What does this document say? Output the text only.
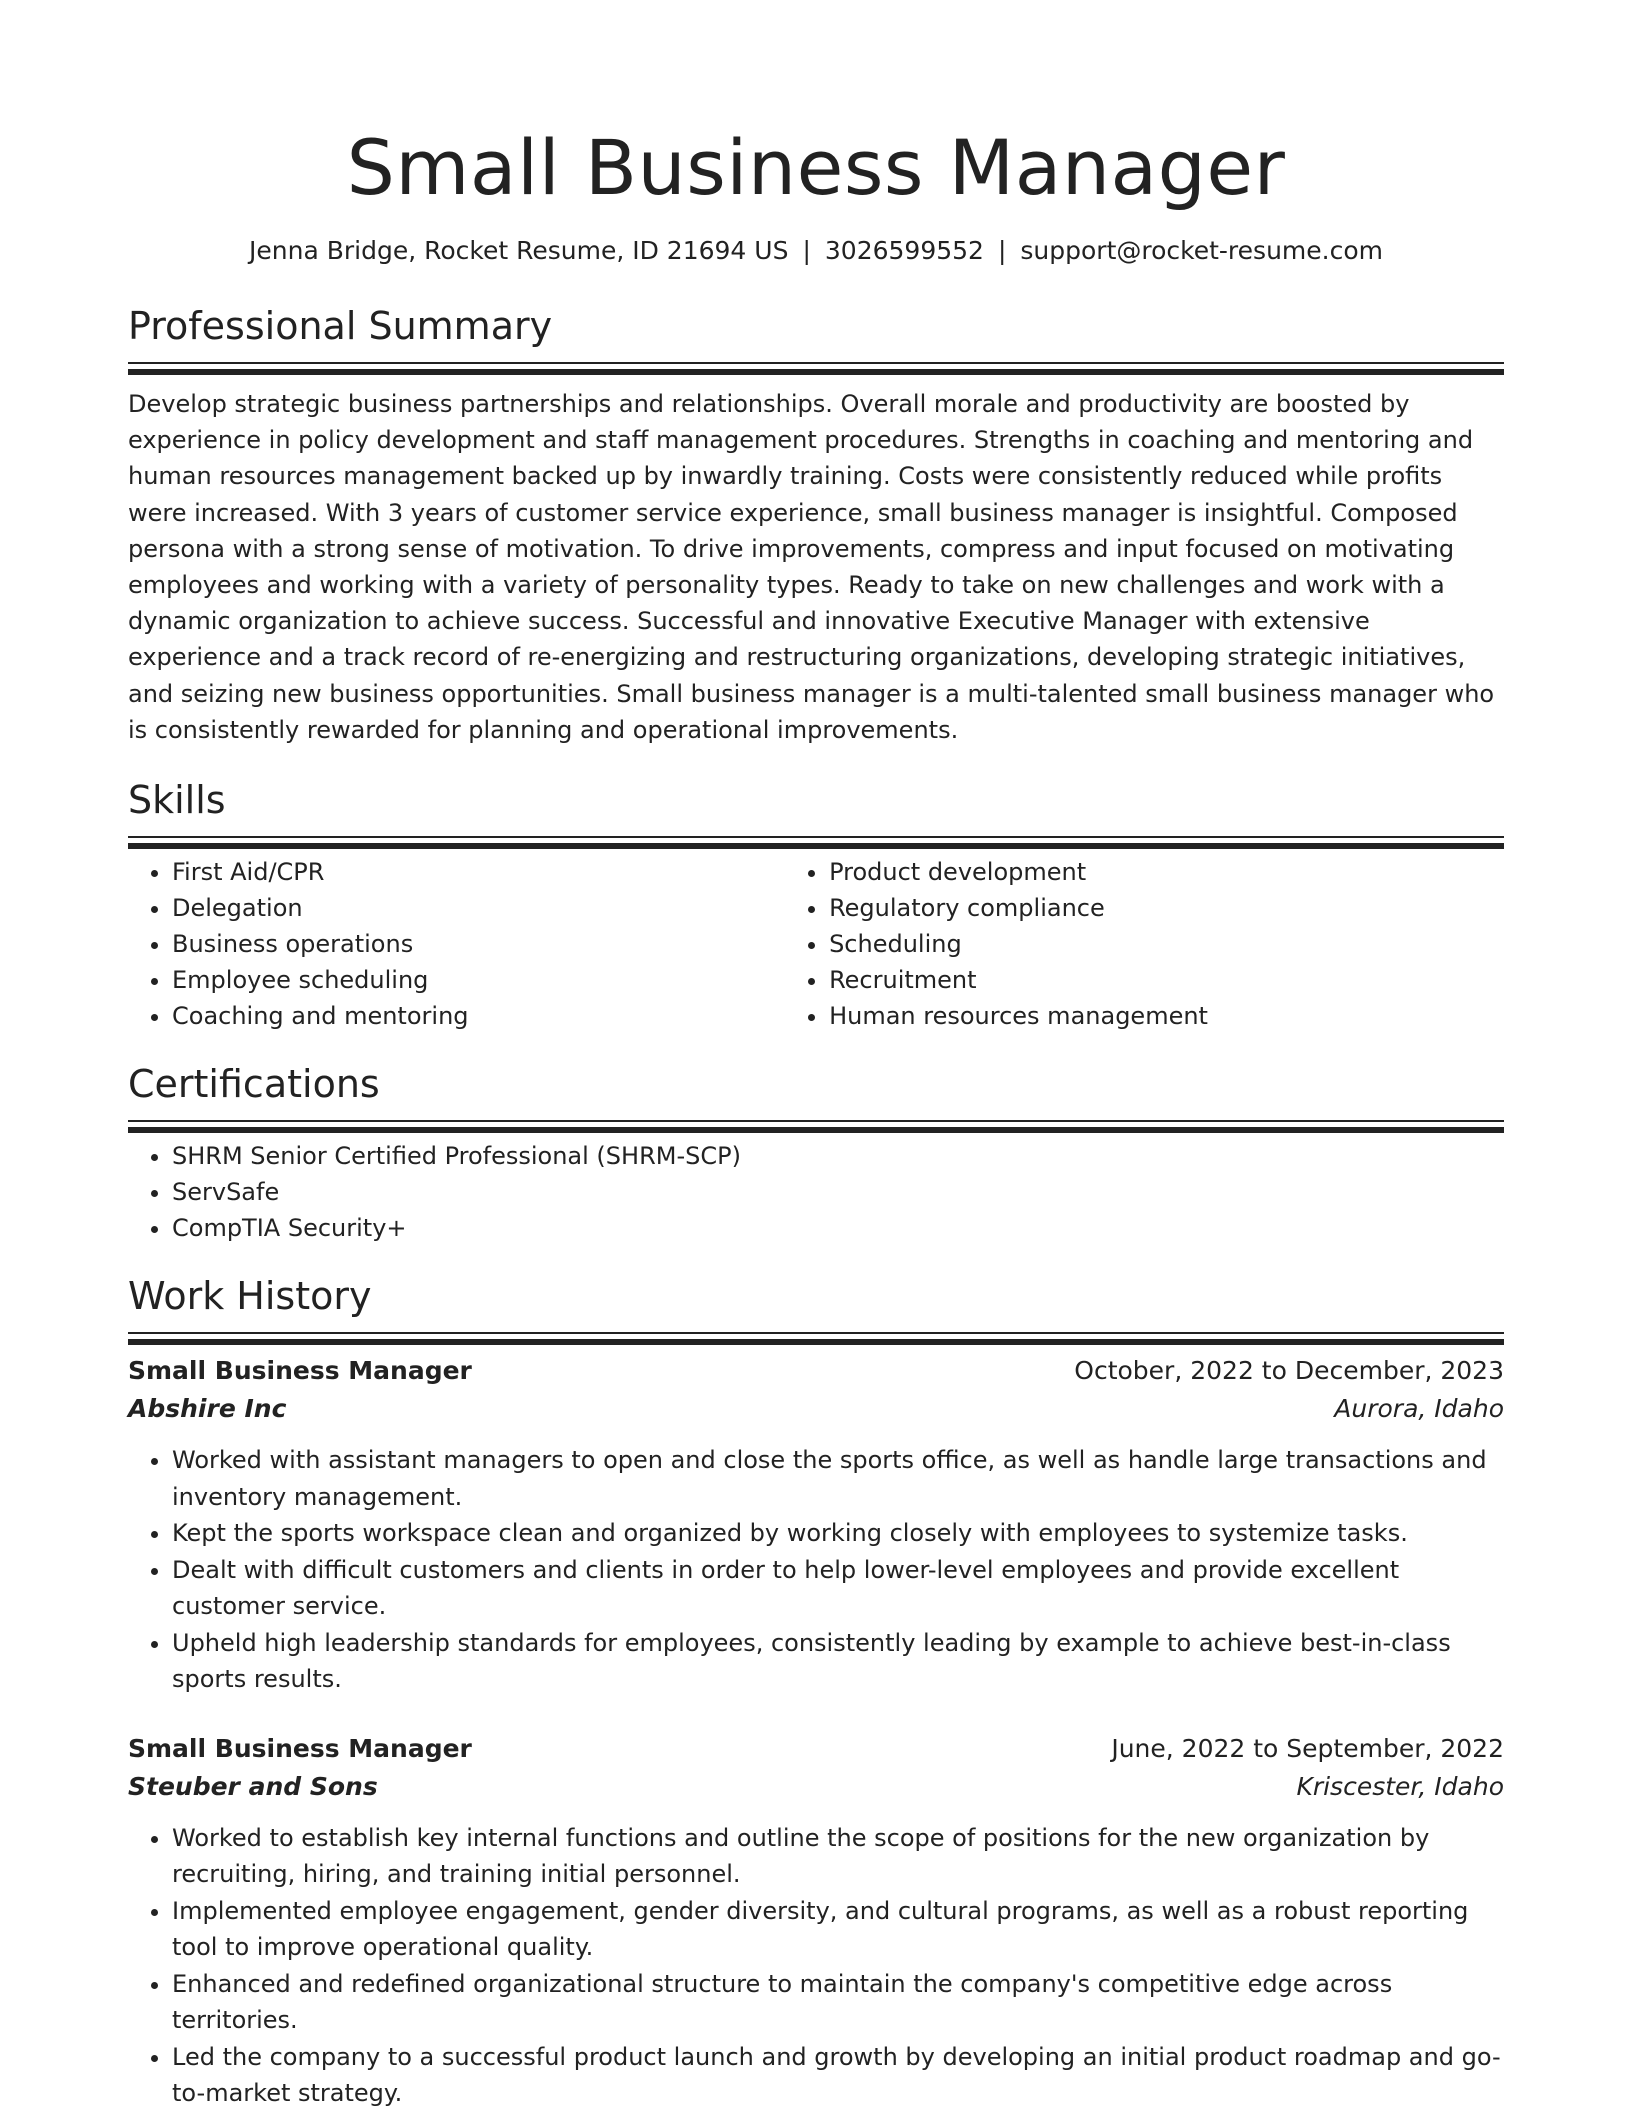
Small Business Manager
Jenna Bridge, Rocket Resume, ID 21694 US | 3026599552 | support@rocket-resume.com
Professional Summary

Develop strategic business partnerships and relationships. Overall morale and productivity are boosted by experience in policy development and staff management procedures. Strengths in coaching and mentoring and human resources management backed up by inwardly training. Costs were consistently reduced while profits were increased. With 3 years of customer service experience, small business manager is insightful. Composed persona with a strong sense of motivation. To drive improvements, compress and input focused on motivating employees and working with a variety of personality types. Ready to take on new challenges and work with a dynamic organization to achieve success. Successful and innovative Executive Manager with extensive experience and a track record of re-energizing and restructuring organizations, developing strategic initiatives, and seizing new business opportunities. Small business manager is a multi-talented small business manager who is consistently rewarded for planning and operational improvements.

Skills
• First Aid/CPR
• Delegation
• Business operations
• Employee scheduling
• Coaching and mentoring
• Product development
• Regulatory compliance
• Scheduling
• Recruitment
• Human resources management
Certifications
• SHRM Senior Certified Professional (SHRM-SCP)
• ServSafe
• CompTIA Security+
Work History
Small Business Manager	October, 2022 to December, 2023
Abshire Inc	Aurora, Idaho
• Worked with assistant managers to open and close the sports office, as well as handle large transactions and inventory management.
• Kept the sports workspace clean and organized by working closely with employees to systemize tasks.
• Dealt with difficult customers and clients in order to help lower-level employees and provide excellent customer service.
• Upheld high leadership standards for employees, consistently leading by example to achieve best-in-class sports results.
Small Business Manager	June, 2022 to September, 2022
Steuber and Sons	Kriscester, Idaho
• Worked to establish key internal functions and outline the scope of positions for the new organization by recruiting, hiring, and training initial personnel.
• Implemented employee engagement, gender diversity, and cultural programs, as well as a robust reporting tool to improve operational quality.
• Enhanced and redefined organizational structure to maintain the company's competitive edge across territories.
• Led the company to a successful product launch and growth by developing an initial product roadmap and go-to-market strategy.
